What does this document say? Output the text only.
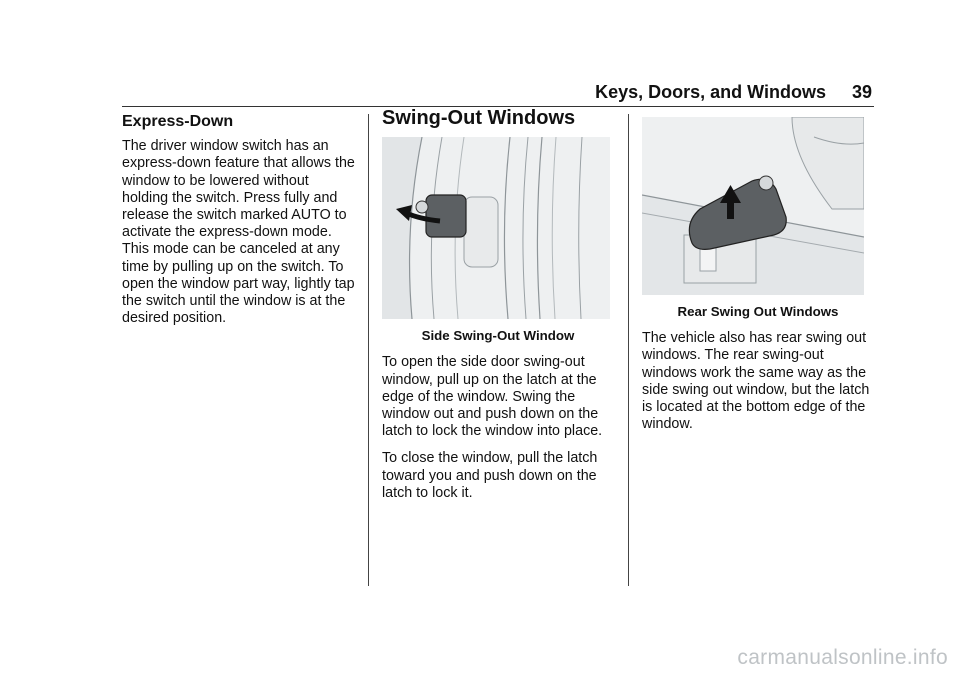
Keys, Doors, and Windows 39
Express-Down

The driver window switch has an express-down feature that allows the window to be lowered without holding the switch. Press fully and release the switch marked AUTO to activate the express-down mode. This mode can be canceled at any time by pulling up on the switch. To open the window part way, lightly tap the switch until the window is at the desired position.

Swing-Out Windows
Side Swing-Out Window

To open the side door swing-out window, pull up on the latch at the edge of the window. Swing the window out and push down on the latch to lock the window into place.

To close the window, pull the latch toward you and push down on the latch to lock it.

Rear Swing Out Windows

The vehicle also has rear swing out windows. The rear swing-out windows work the same way as the side swing out window, but the latch is located at the bottom edge of the window.

carmanualsonline.info
